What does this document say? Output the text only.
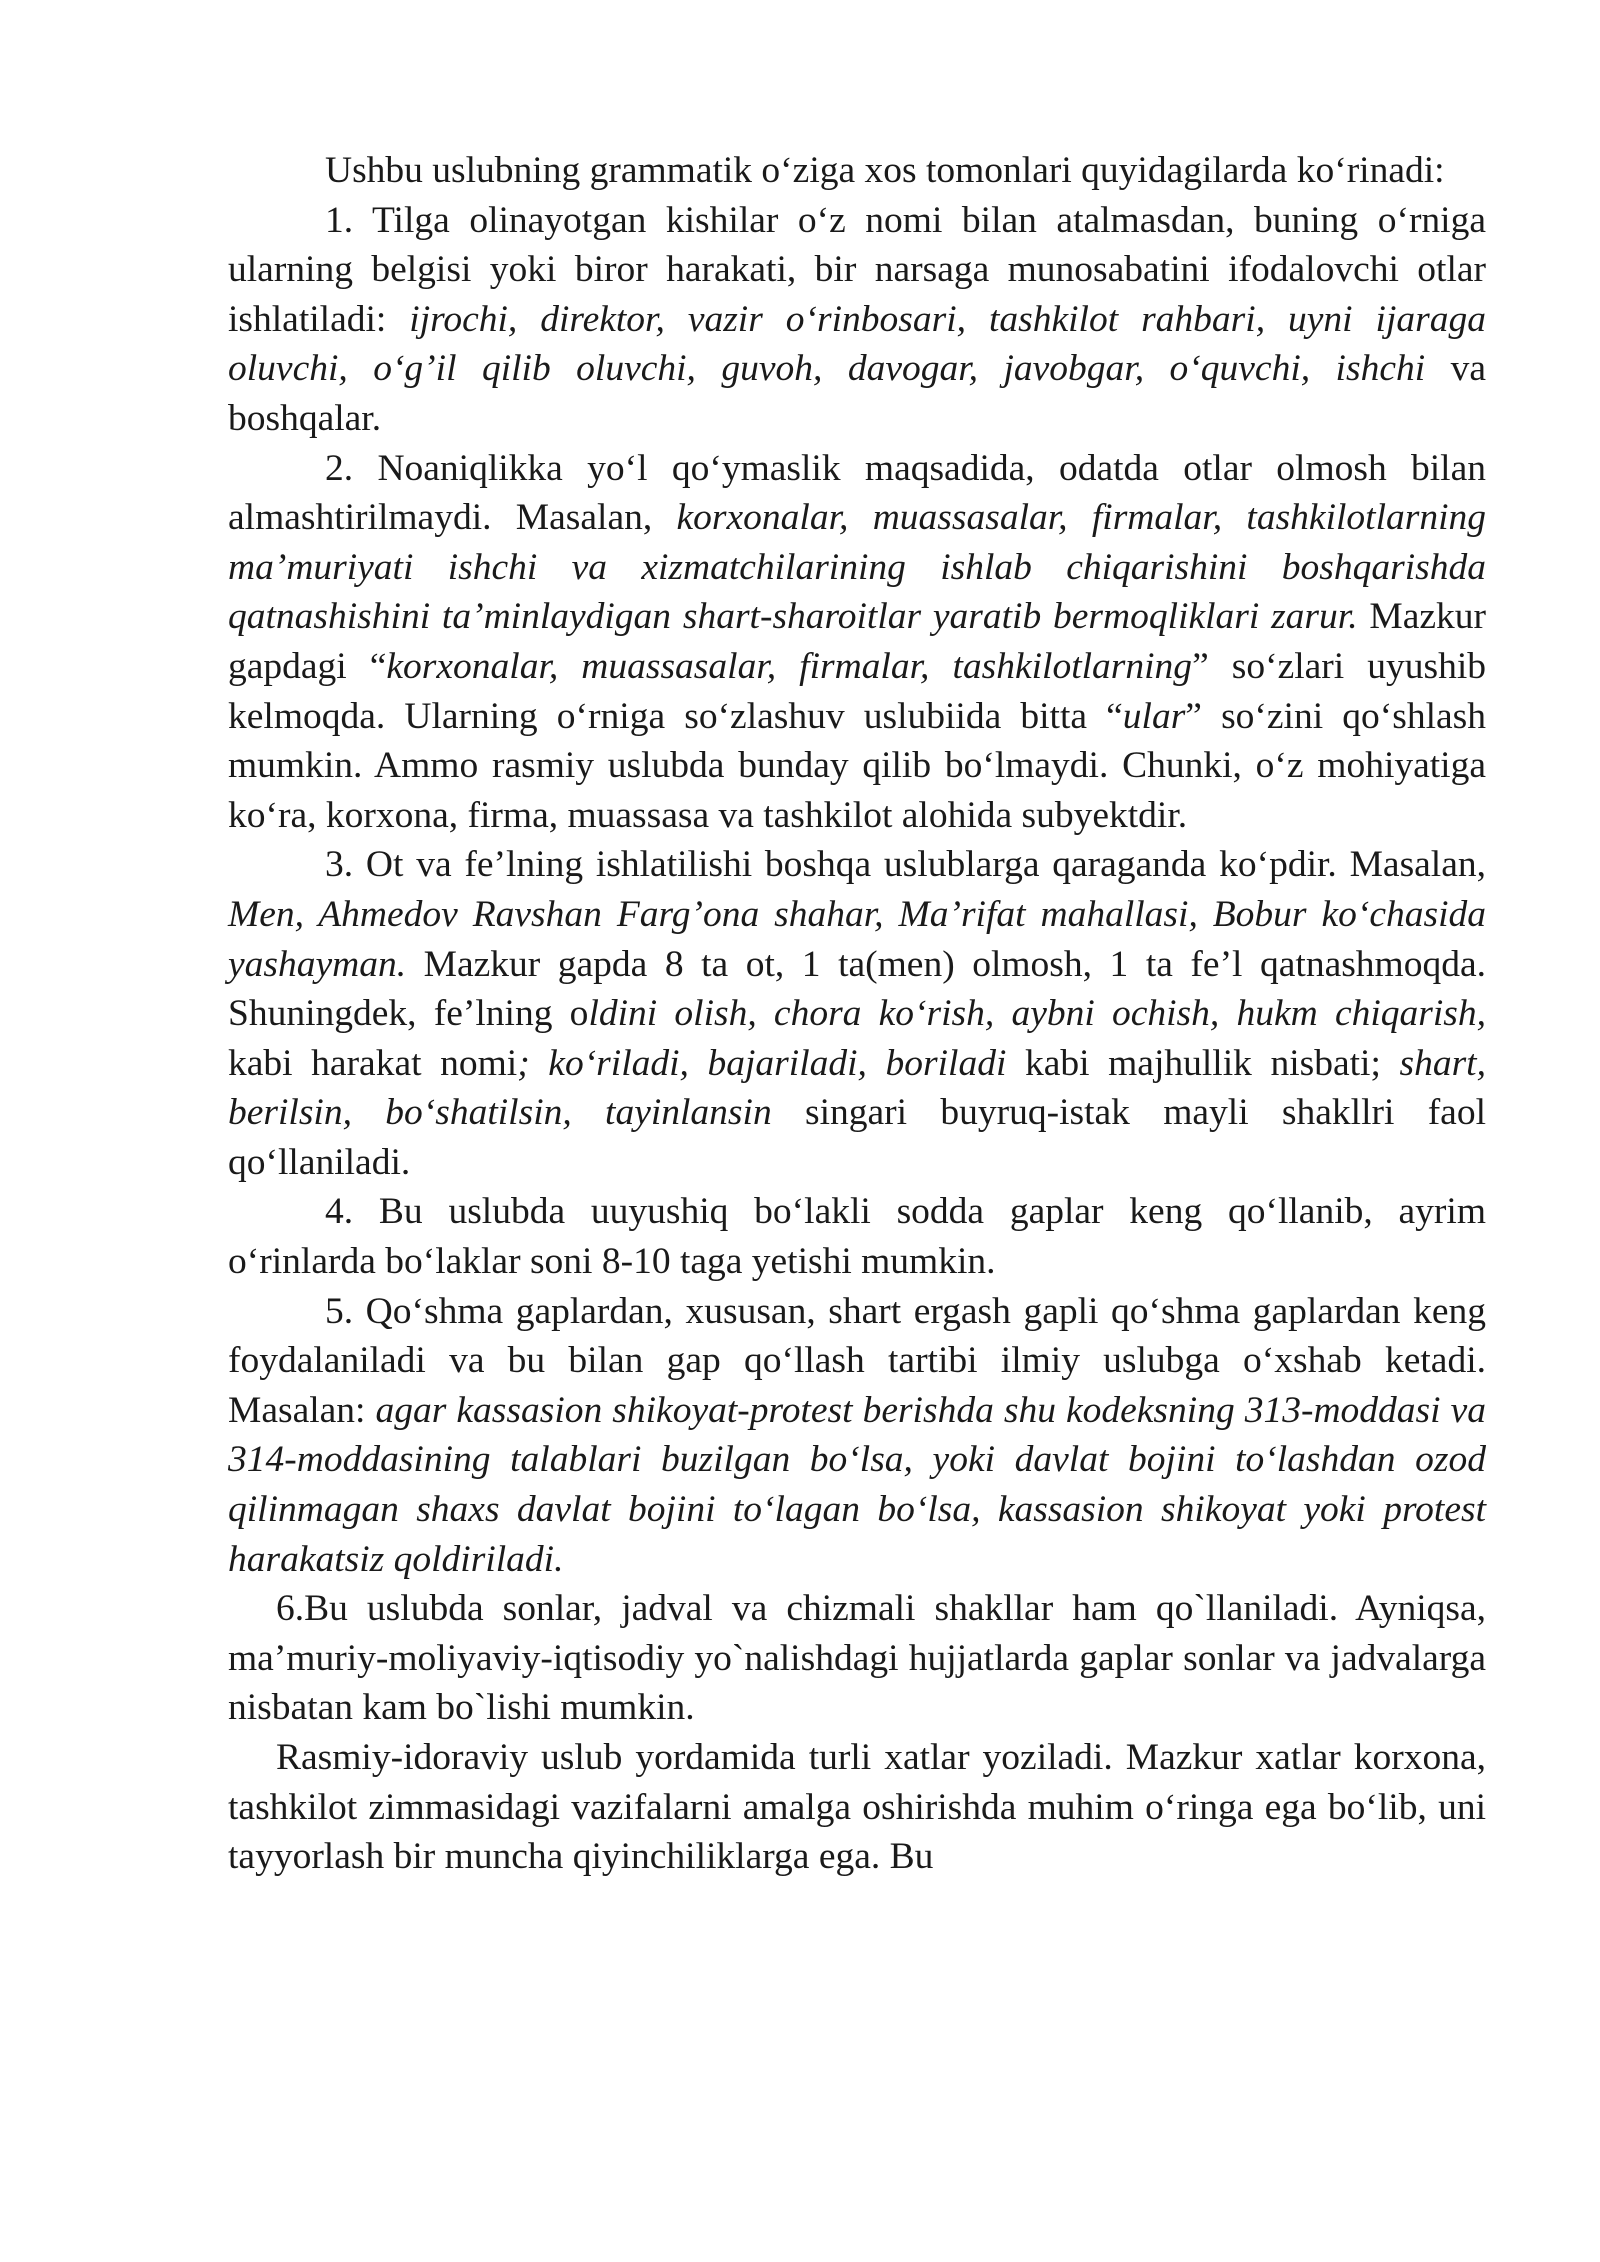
Ushbu uslubning grammatik o‘ziga xos tomonlari quyidagilarda ko‘rinadi:

1. Tilga olinayotgan kishilar o‘z nomi bilan atalmasdan, buning o‘rniga ularning belgisi yoki biror harakati, bir narsaga munosabatini ifodalovchi otlar ishlatiladi: ijrochi, direktor, vazir o‘rinbosari, tashkilot rahbari, uyni ijaraga oluvchi, o‘g’il qilib oluvchi, guvoh, davogar, javobgar, o‘quvchi, ishchi va boshqalar.

2. Noaniqlikka yo‘l qo‘ymaslik maqsadida, odatda otlar olmosh bilan almashtirilmaydi. Masalan, korxonalar, muassasalar, firmalar, tashkilotlarning ma’muriyati ishchi va xizmatchilarining ishlab chiqarishini boshqarishda qatnashishini ta’minlaydigan shart-sharoitlar yaratib bermoqliklari zarur. Mazkur gapdagi “korxonalar, muassasalar, firmalar, tashkilotlarning” so‘zlari uyushib kelmoqda. Ularning o‘rniga so‘zlashuv uslubiida bitta “ular” so‘zini qo‘shlash mumkin. Ammo rasmiy uslubda bunday qilib bo‘lmaydi. Chunki, o‘z mohiyatiga ko‘ra, korxona, firma, muassasa va tashkilot alohida subyektdir.

3. Ot va fe’lning ishlatilishi boshqa uslublarga qaraganda ko‘pdir. Masalan, Men, Ahmedov Ravshan Farg’ona shahar, Ma’rifat mahallasi, Bobur ko‘chasida yashayman. Mazkur gapda 8 ta ot, 1 ta(men) olmosh, 1 ta fe’l qatnashmoqda. Shuningdek, fe’lning oldini olish, chora ko‘rish, aybni ochish, hukm chiqarish, kabi harakat nomi; ko‘riladi, bajariladi, boriladi kabi majhullik nisbati; shart, berilsin, bo‘shatilsin, tayinlansin singari buyruq-istak mayli shakllri faol qo‘llaniladi.

4. Bu uslubda uuyushiq bo‘lakli sodda gaplar keng qo‘llanib, ayrim o‘rinlarda bo‘laklar soni 8-10 taga yetishi mumkin.

5. Qo‘shma gaplardan, xususan, shart ergash gapli qo‘shma gaplardan keng foydalaniladi va bu bilan gap qo‘llash tartibi ilmiy uslubga o‘xshab ketadi. Masalan: agar kassasion shikoyat-protest berishda shu kodeksning 313-moddasi va 314-moddasining talablari buzilgan bo‘lsa, yoki davlat bojini to‘lashdan ozod qilinmagan shaxs davlat bojini to‘lagan bo‘lsa, kassasion shikoyat yoki protest harakatsiz qoldiriladi.

6.Bu uslubda sonlar, jadval va chizmali shakllar ham qo`llaniladi. Ayniqsa, ma’muriy-moliyaviy-iqtisodiy yo`nalishdagi hujjatlarda gaplar sonlar va jadvalarga nisbatan kam bo`lishi mumkin.

Rasmiy-idoraviy uslub yordamida turli xatlar yoziladi. Mazkur xatlar korxona, tashkilot zimmasidagi vazifalarni amalga oshirishda muhim o‘ringa ega bo‘lib, uni tayyorlash bir muncha qiyinchiliklarga ega. Bu
